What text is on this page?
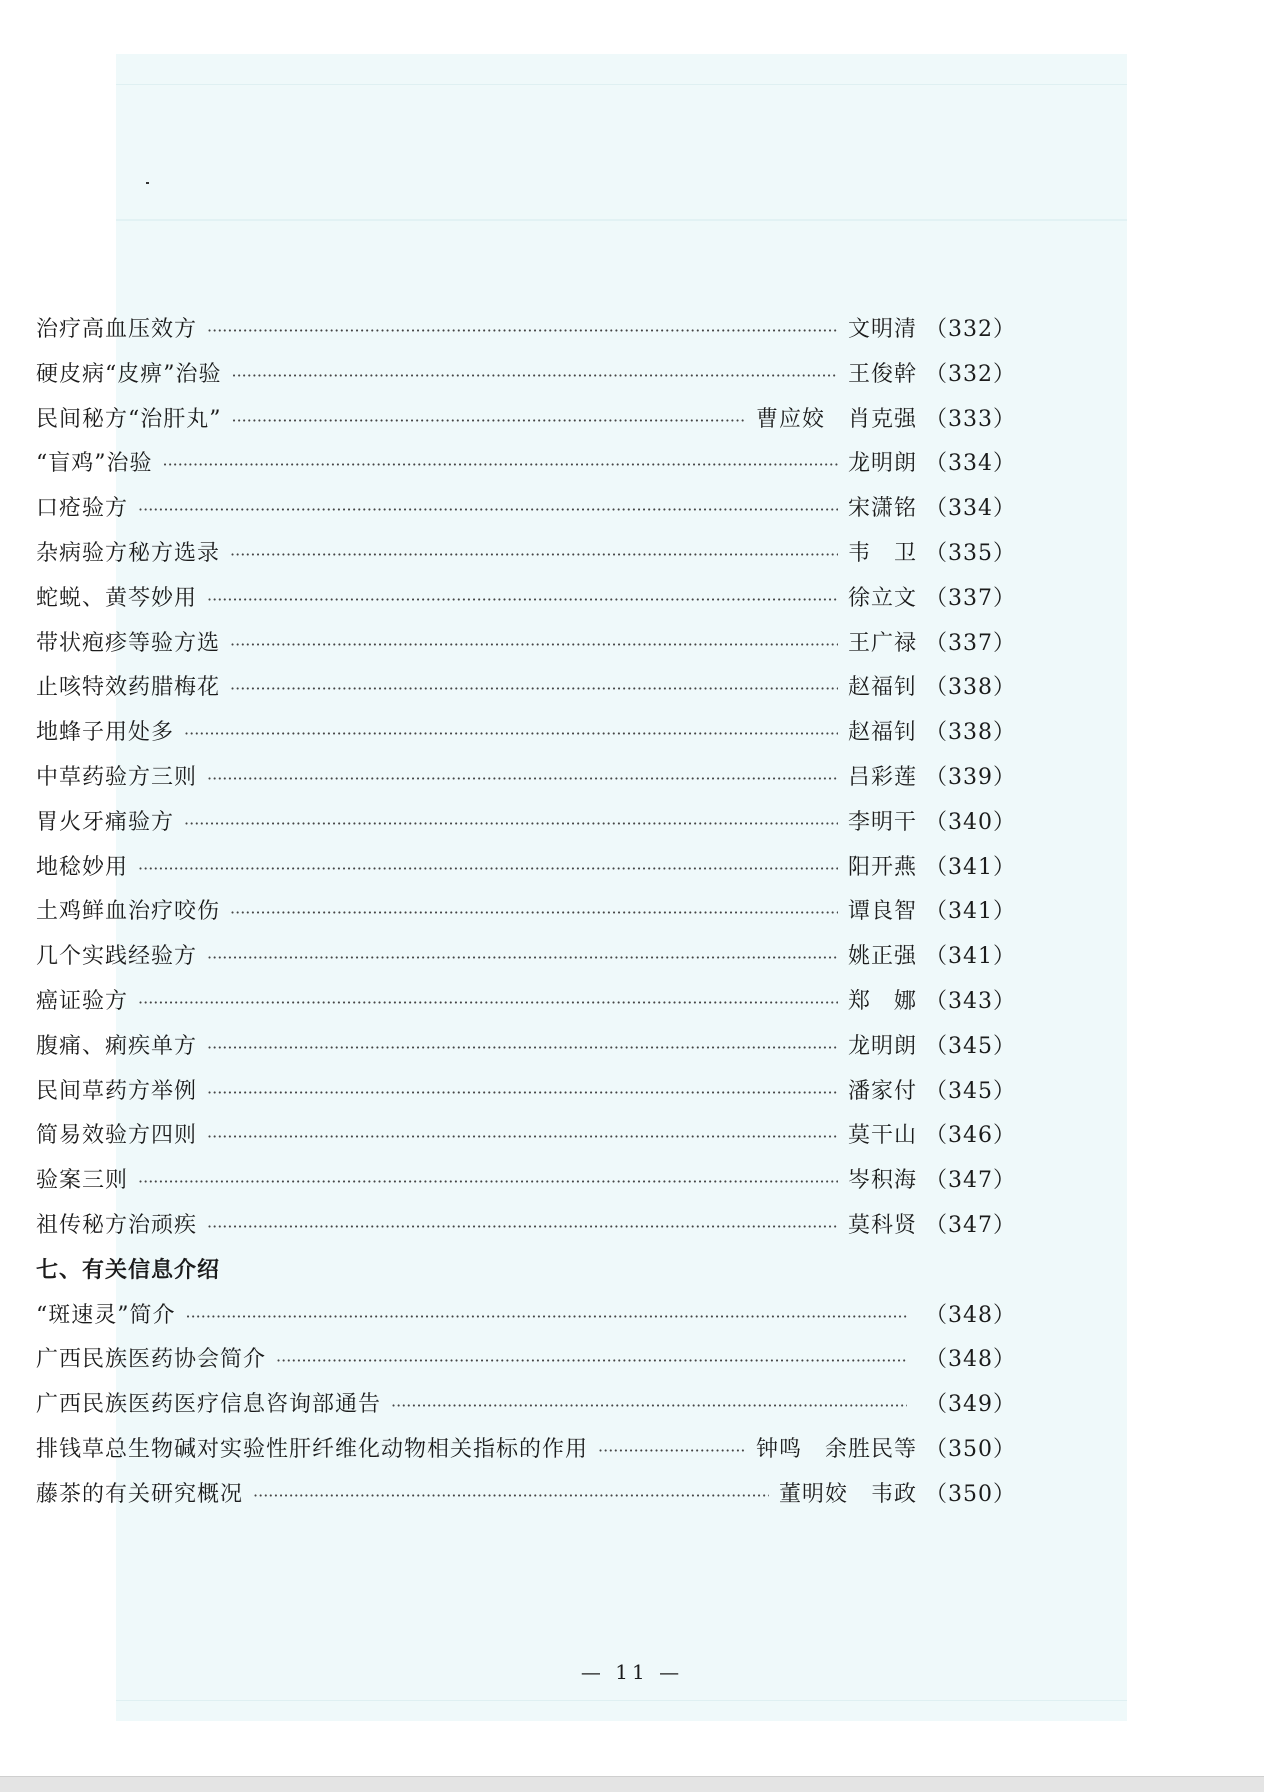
治疗高血压效方 ·····	文明清 （332）
硬皮病“皮痹”治验 ·····	王俊幹 （332）
民间秘方“治肝丸” ·····	曹应姣　肖克强 （333）
“盲鸡”治验 ·····	龙明朗 （334）
口疮验方 ·····	宋潇铭 （334）
杂病验方秘方选录 ·····	韦　卫 （335）
蛇蜕、黄芩妙用 ·····	徐立文 （337）
带状疱疹等验方选 ·····	王广禄 （337）
止咳特效药腊梅花 ·····	赵福钊 （338）
地蜂子用处多 ·····	赵福钊 （338）
中草药验方三则 ·····	吕彩莲 （339）
胃火牙痛验方 ·····	李明干 （340）
地稔妙用 ·····	阳开燕 （341）
土鸡鲜血治疗咬伤 ·····	谭良智 （341）
几个实践经验方 ·····	姚正强 （341）
癌证验方 ·····	郑　娜 （343）
腹痛、痢疾单方 ·····	龙明朗 （345）
民间草药方举例 ·····	潘家付 （345）
简易效验方四则 ·····	莫干山 （346）
验案三则 ·····	岑积海 （347）
祖传秘方治顽疾 ·····	莫科贤 （347）
七、有关信息介绍
“斑速灵”简介 ·····	（348）
广西民族医药协会简介 ·····	（348）
广西民族医药医疗信息咨询部通告 ·····	（349）
排钱草总生物碱对实验性肝纤维化动物相关指标的作用 ·····	钟鸣　余胜民等 （350）
藤茶的有关研究概况 ·····	董明姣　韦政 （350）
— 11 —
